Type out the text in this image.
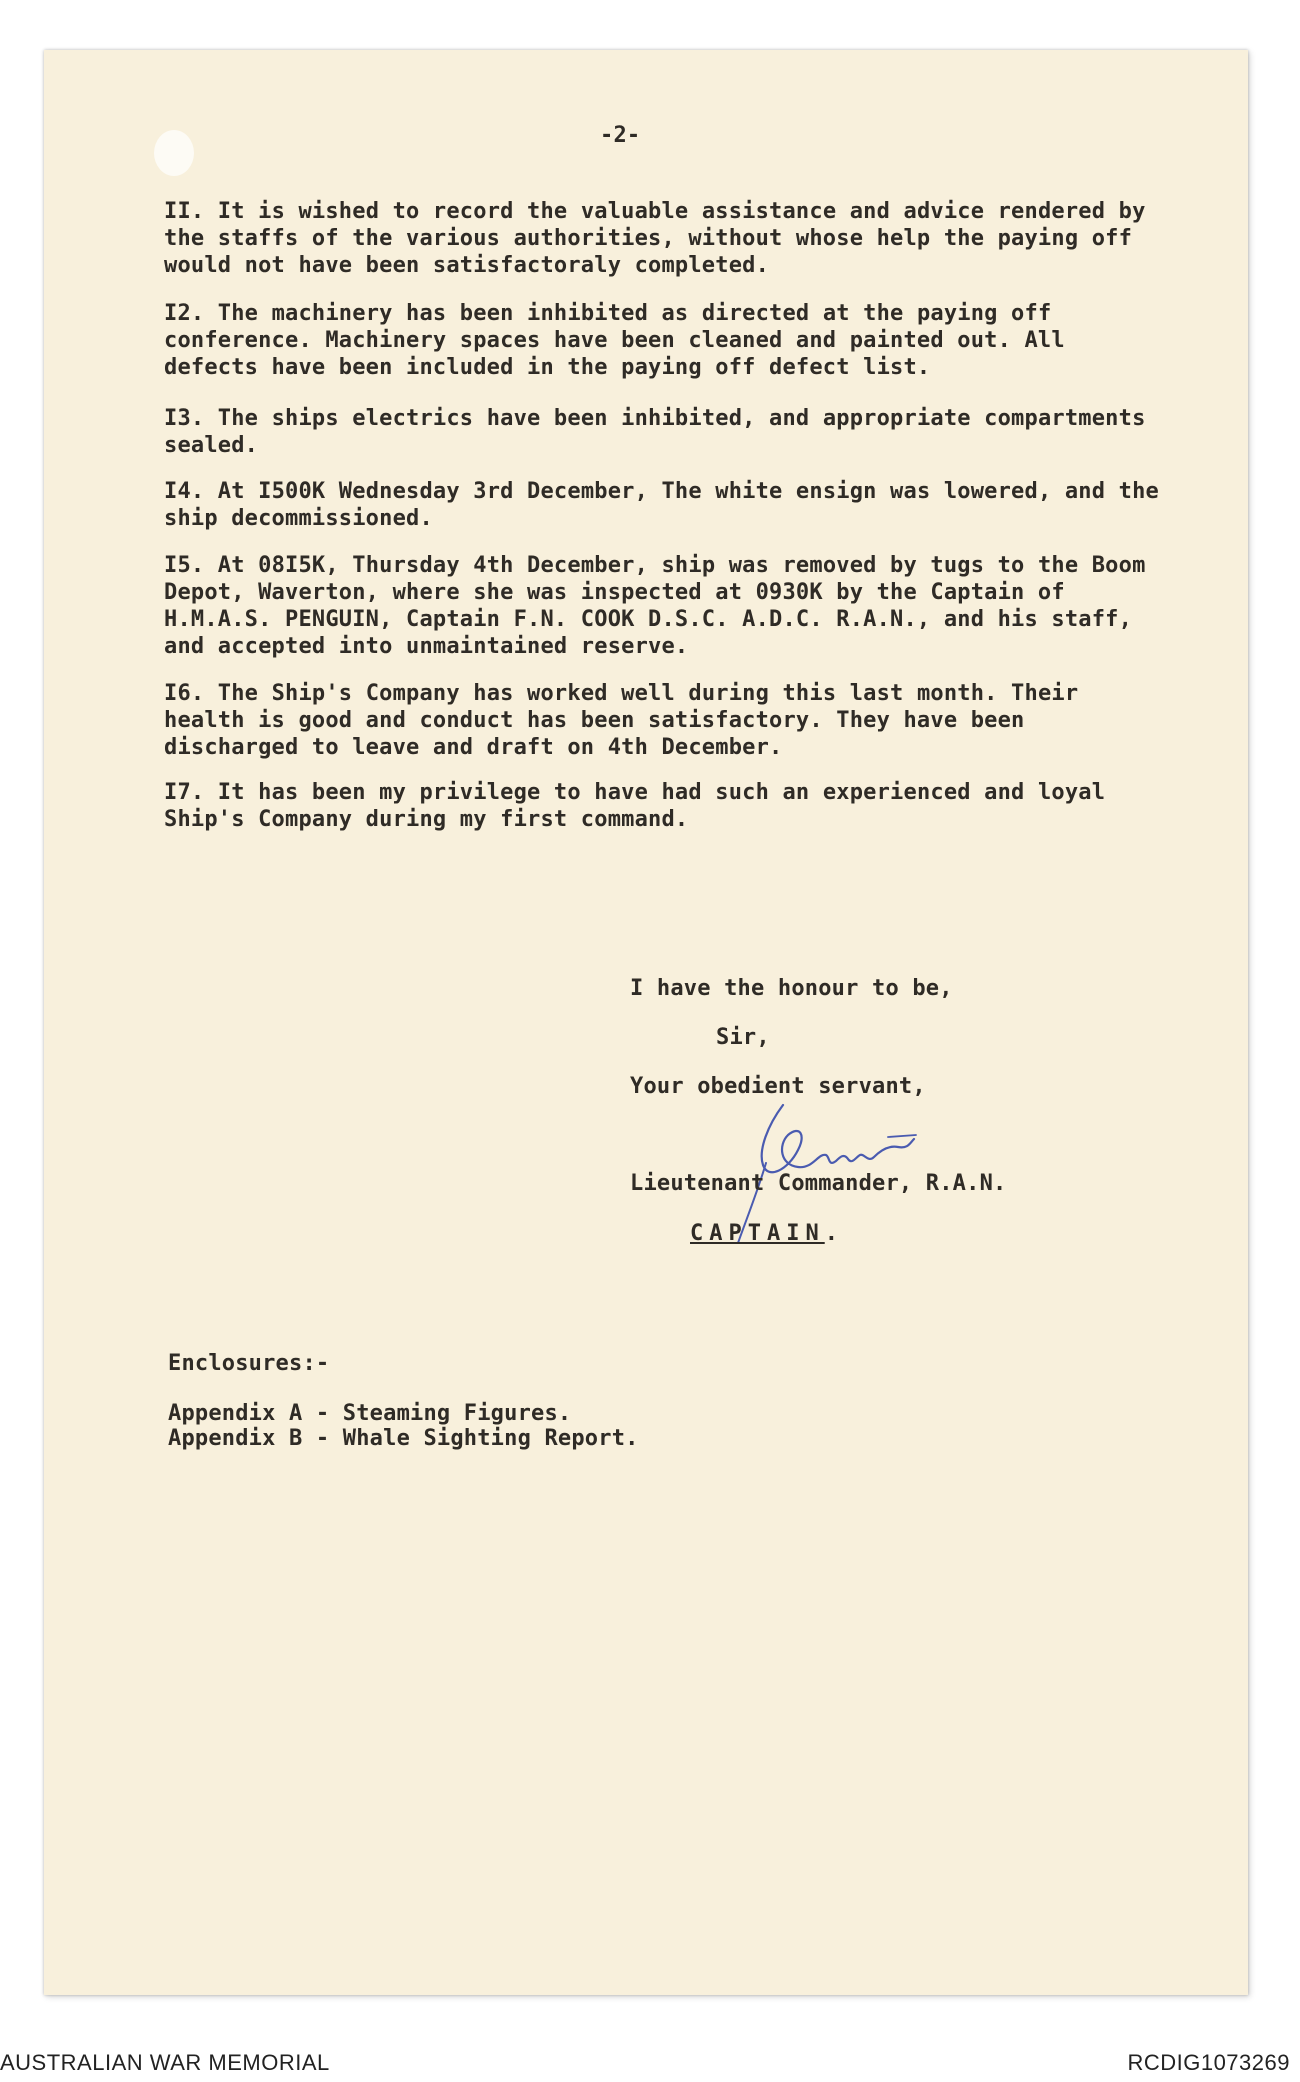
-2-
II. It is wished to record the valuable assistance and advice rendered by the staffs of the various authorities, without whose help the paying off would not have been satisfactoraly completed.
I2. The machinery has been inhibited as directed at the paying off conference. Machinery spaces have been cleaned and painted out. All defects have been included in the paying off defect list.
I3. The ships electrics have been inhibited, and appropriate compartments sealed.
I4. At I500K Wednesday 3rd December, The white ensign was lowered, and the ship decommissioned.
I5. At 08I5K, Thursday 4th December, ship was removed by tugs to the Boom Depot, Waverton, where she was inspected at 0930K by the Captain of H.M.A.S. PENGUIN, Captain F.N. COOK D.S.C. A.D.C. R.A.N., and his staff, and accepted into unmaintained reserve.
I6. The Ship's Company has worked well during this last month. Their health is good and conduct has been satisfactory. They have been discharged to leave and draft on 4th December.
I7. It has been my privilege to have had such an experienced and loyal Ship's Company during my first command.
I have the honour to be,
Sir,
Your obedient servant,
Lieutenant Commander, R.A.N.
CAPTAIN.
Enclosures:-
Appendix A - Steaming Figures.
Appendix B - Whale Sighting Report.
AUSTRALIAN WAR MEMORIAL	RCDIG1073269
